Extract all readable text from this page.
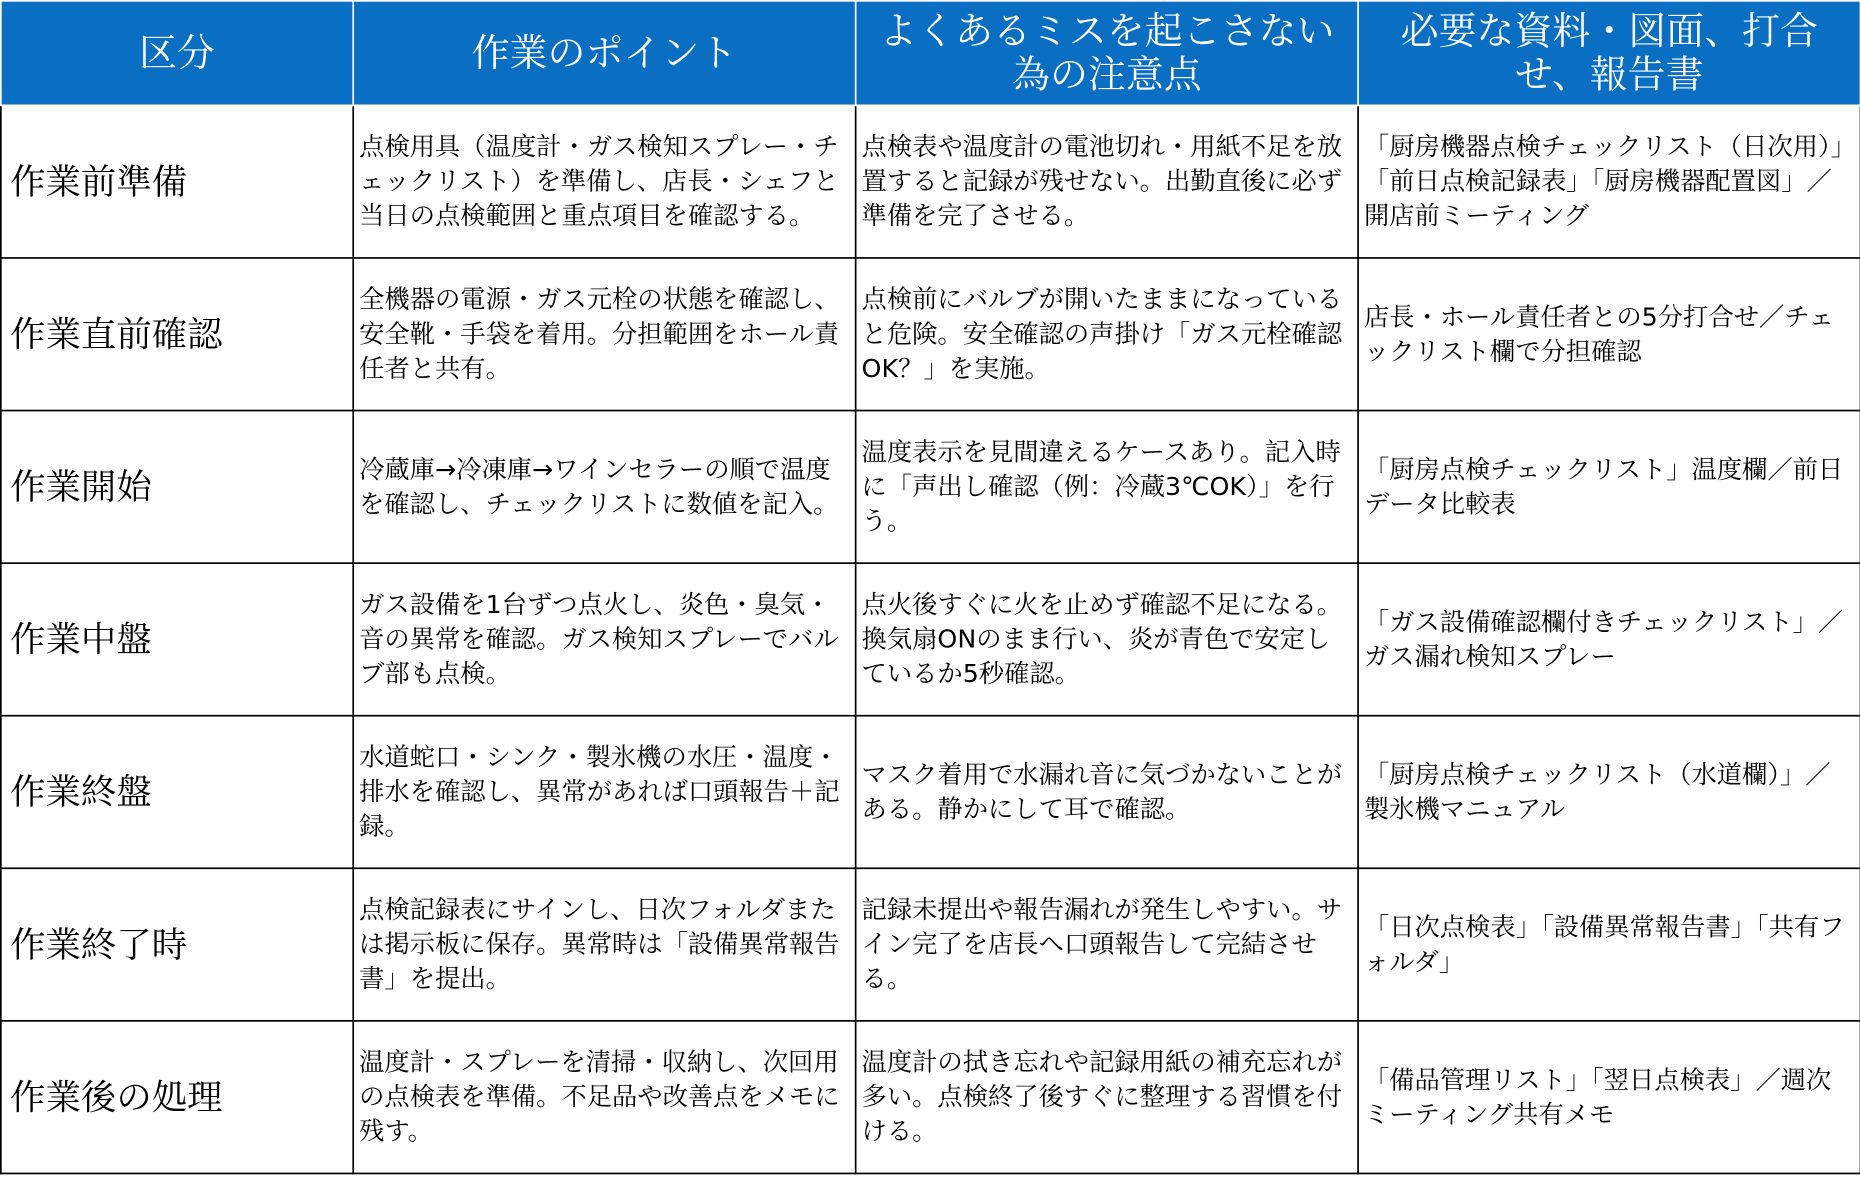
区分	作業のポイント	よくあるミスを起こさない為の注意点	必要な資料・図面、打合せ、報告書
作業前準備	点検用具（温度計・ガス検知スプレー・チェックリスト）を準備し、店長・シェフと当日の点検範囲と重点項目を確認する。	点検表や温度計の電池切れ・用紙不足を放置すると記録が残せない。出勤直後に必ず準備を完了させる。	「厨房機器点検チェックリスト（日次用）」「前日点検記録表」「厨房機器配置図」／開店前ミーティング
作業直前確認	全機器の電源・ガス元栓の状態を確認し、安全靴・手袋を着用。分担範囲をホール責任者と共有。	点検前にバルブが開いたままになっていると危険。安全確認の声掛け「ガス元栓確認OK？」を実施。	店長・ホール責任者との5分打合せ／チェックリスト欄で分担確認
作業開始	冷蔵庫→冷凍庫→ワインセラーの順で温度を確認し、チェックリストに数値を記入。	温度表示を見間違えるケースあり。記入時に「声出し確認（例：冷蔵3℃OK）」を行う。	「厨房点検チェックリスト」温度欄／前日データ比較表
作業中盤	ガス設備を1台ずつ点火し、炎色・臭気・音の異常を確認。ガス検知スプレーでバルブ部も点検。	点火後すぐに火を止めず確認不足になる。換気扇ONのまま行い、炎が青色で安定しているか5秒確認。	「ガス設備確認欄付きチェックリスト」／ガス漏れ検知スプレー
作業終盤	水道蛇口・シンク・製氷機の水圧・温度・排水を確認し、異常があれば口頭報告＋記録。	マスク着用で水漏れ音に気づかないことがある。静かにして耳で確認。	「厨房点検チェックリスト（水道欄）」／製氷機マニュアル
作業終了時	点検記録表にサインし、日次フォルダまたは掲示板に保存。異常時は「設備異常報告書」を提出。	記録未提出や報告漏れが発生しやすい。サイン完了を店長へ口頭報告して完結させる。	「日次点検表」「設備異常報告書」「共有フォルダ」
作業後の処理	温度計・スプレーを清掃・収納し、次回用の点検表を準備。不足品や改善点をメモに残す。	温度計の拭き忘れや記録用紙の補充忘れが多い。点検終了後すぐに整理する習慣を付ける。	「備品管理リスト」「翌日点検表」／週次ミーティング共有メモ
